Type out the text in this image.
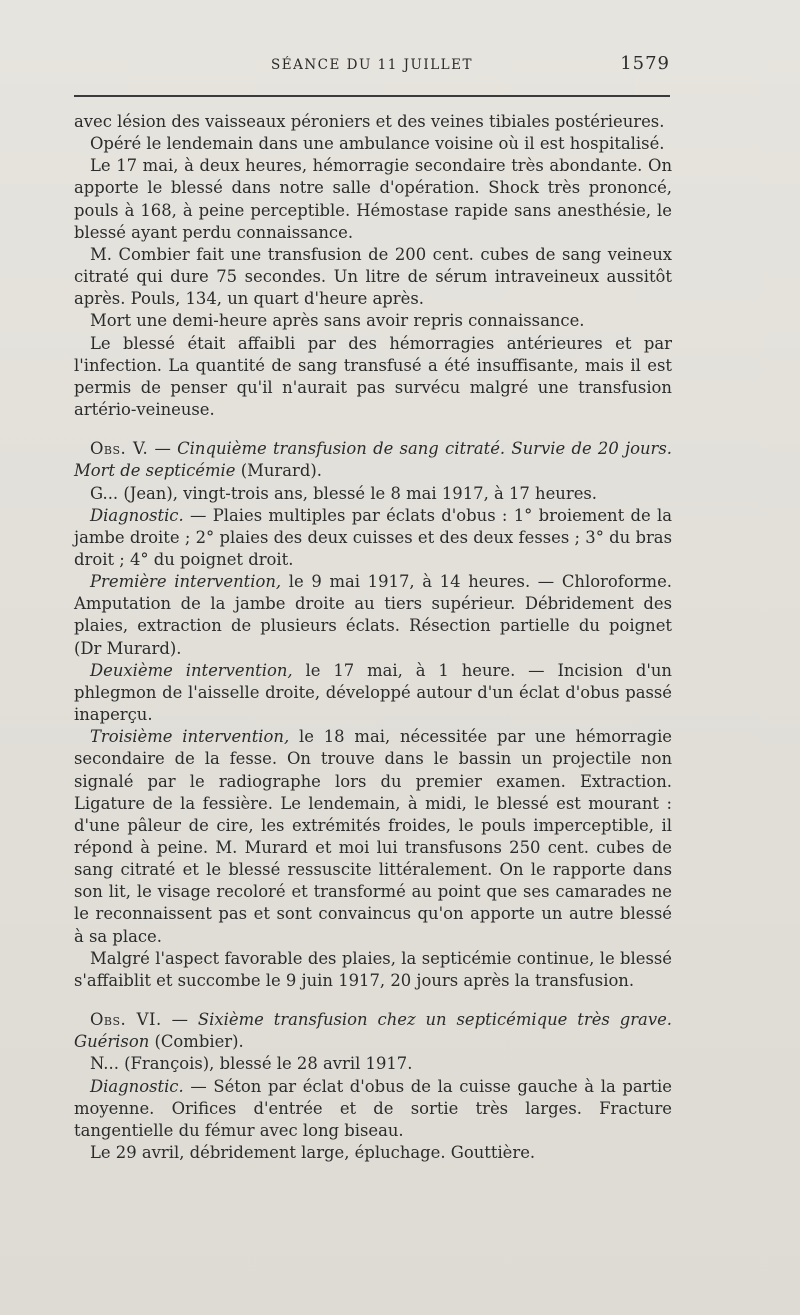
SÉANCE DU 11 JUILLET	1579

avec lésion des vaisseaux péroniers et des veines tibiales postérieures.

Opéré le lendemain dans une ambulance voisine où il est hospitalisé.

Le 17 mai, à deux heures, hémorragie secondaire très abondante. On apporte le blessé dans notre salle d'opération. Shock très prononcé, pouls à 168, à peine perceptible. Hémostase rapide sans anesthésie, le blessé ayant perdu connaissance.

M. Combier fait une transfusion de 200 cent. cubes de sang veineux citraté qui dure 75 secondes. Un litre de sérum intraveineux aussitôt après. Pouls, 134, un quart d'heure après.

Mort une demi-heure après sans avoir repris connaissance.

Le blessé était affaibli par des hémorragies antérieures et par l'infection. La quantité de sang transfusé a été insuffisante, mais il est permis de penser qu'il n'aurait pas survécu malgré une transfusion artério-veineuse.

Obs. V. — Cinquième transfusion de sang citraté. Survie de 20 jours. Mort de septicémie (Murard).

G... (Jean), vingt-trois ans, blessé le 8 mai 1917, à 17 heures.

Diagnostic. — Plaies multiples par éclats d'obus : 1° broiement de la jambe droite ; 2° plaies des deux cuisses et des deux fesses ; 3° du bras droit ; 4° du poignet droit.

Première intervention, le 9 mai 1917, à 14 heures. — Chloroforme. Amputation de la jambe droite au tiers supérieur. Débridement des plaies, extraction de plusieurs éclats. Résection partielle du poignet (Dr Murard).

Deuxième intervention, le 17 mai, à 1 heure. — Incision d'un phlegmon de l'aisselle droite, développé autour d'un éclat d'obus passé inaperçu.

Troisième intervention, le 18 mai, nécessitée par une hémorragie secondaire de la fesse. On trouve dans le bassin un projectile non signalé par le radiographe lors du premier examen. Extraction. Ligature de la fessière. Le lendemain, à midi, le blessé est mourant : d'une pâleur de cire, les extrémités froides, le pouls imperceptible, il répond à peine. M. Murard et moi lui transfusons 250 cent. cubes de sang citraté et le blessé ressuscite littéralement. On le rapporte dans son lit, le visage recoloré et transformé au point que ses camarades ne le reconnaissent pas et sont convaincus qu'on apporte un autre blessé à sa place.

Malgré l'aspect favorable des plaies, la septicémie continue, le blessé s'affaiblit et succombe le 9 juin 1917, 20 jours après la transfusion.

Obs. VI. — Sixième transfusion chez un septicémique très grave. Guérison (Combier).

N... (François), blessé le 28 avril 1917.

Diagnostic. — Séton par éclat d'obus de la cuisse gauche à la partie moyenne. Orifices d'entrée et de sortie très larges. Fracture tangentielle du fémur avec long biseau.

Le 29 avril, débridement large, épluchage. Gouttière.
